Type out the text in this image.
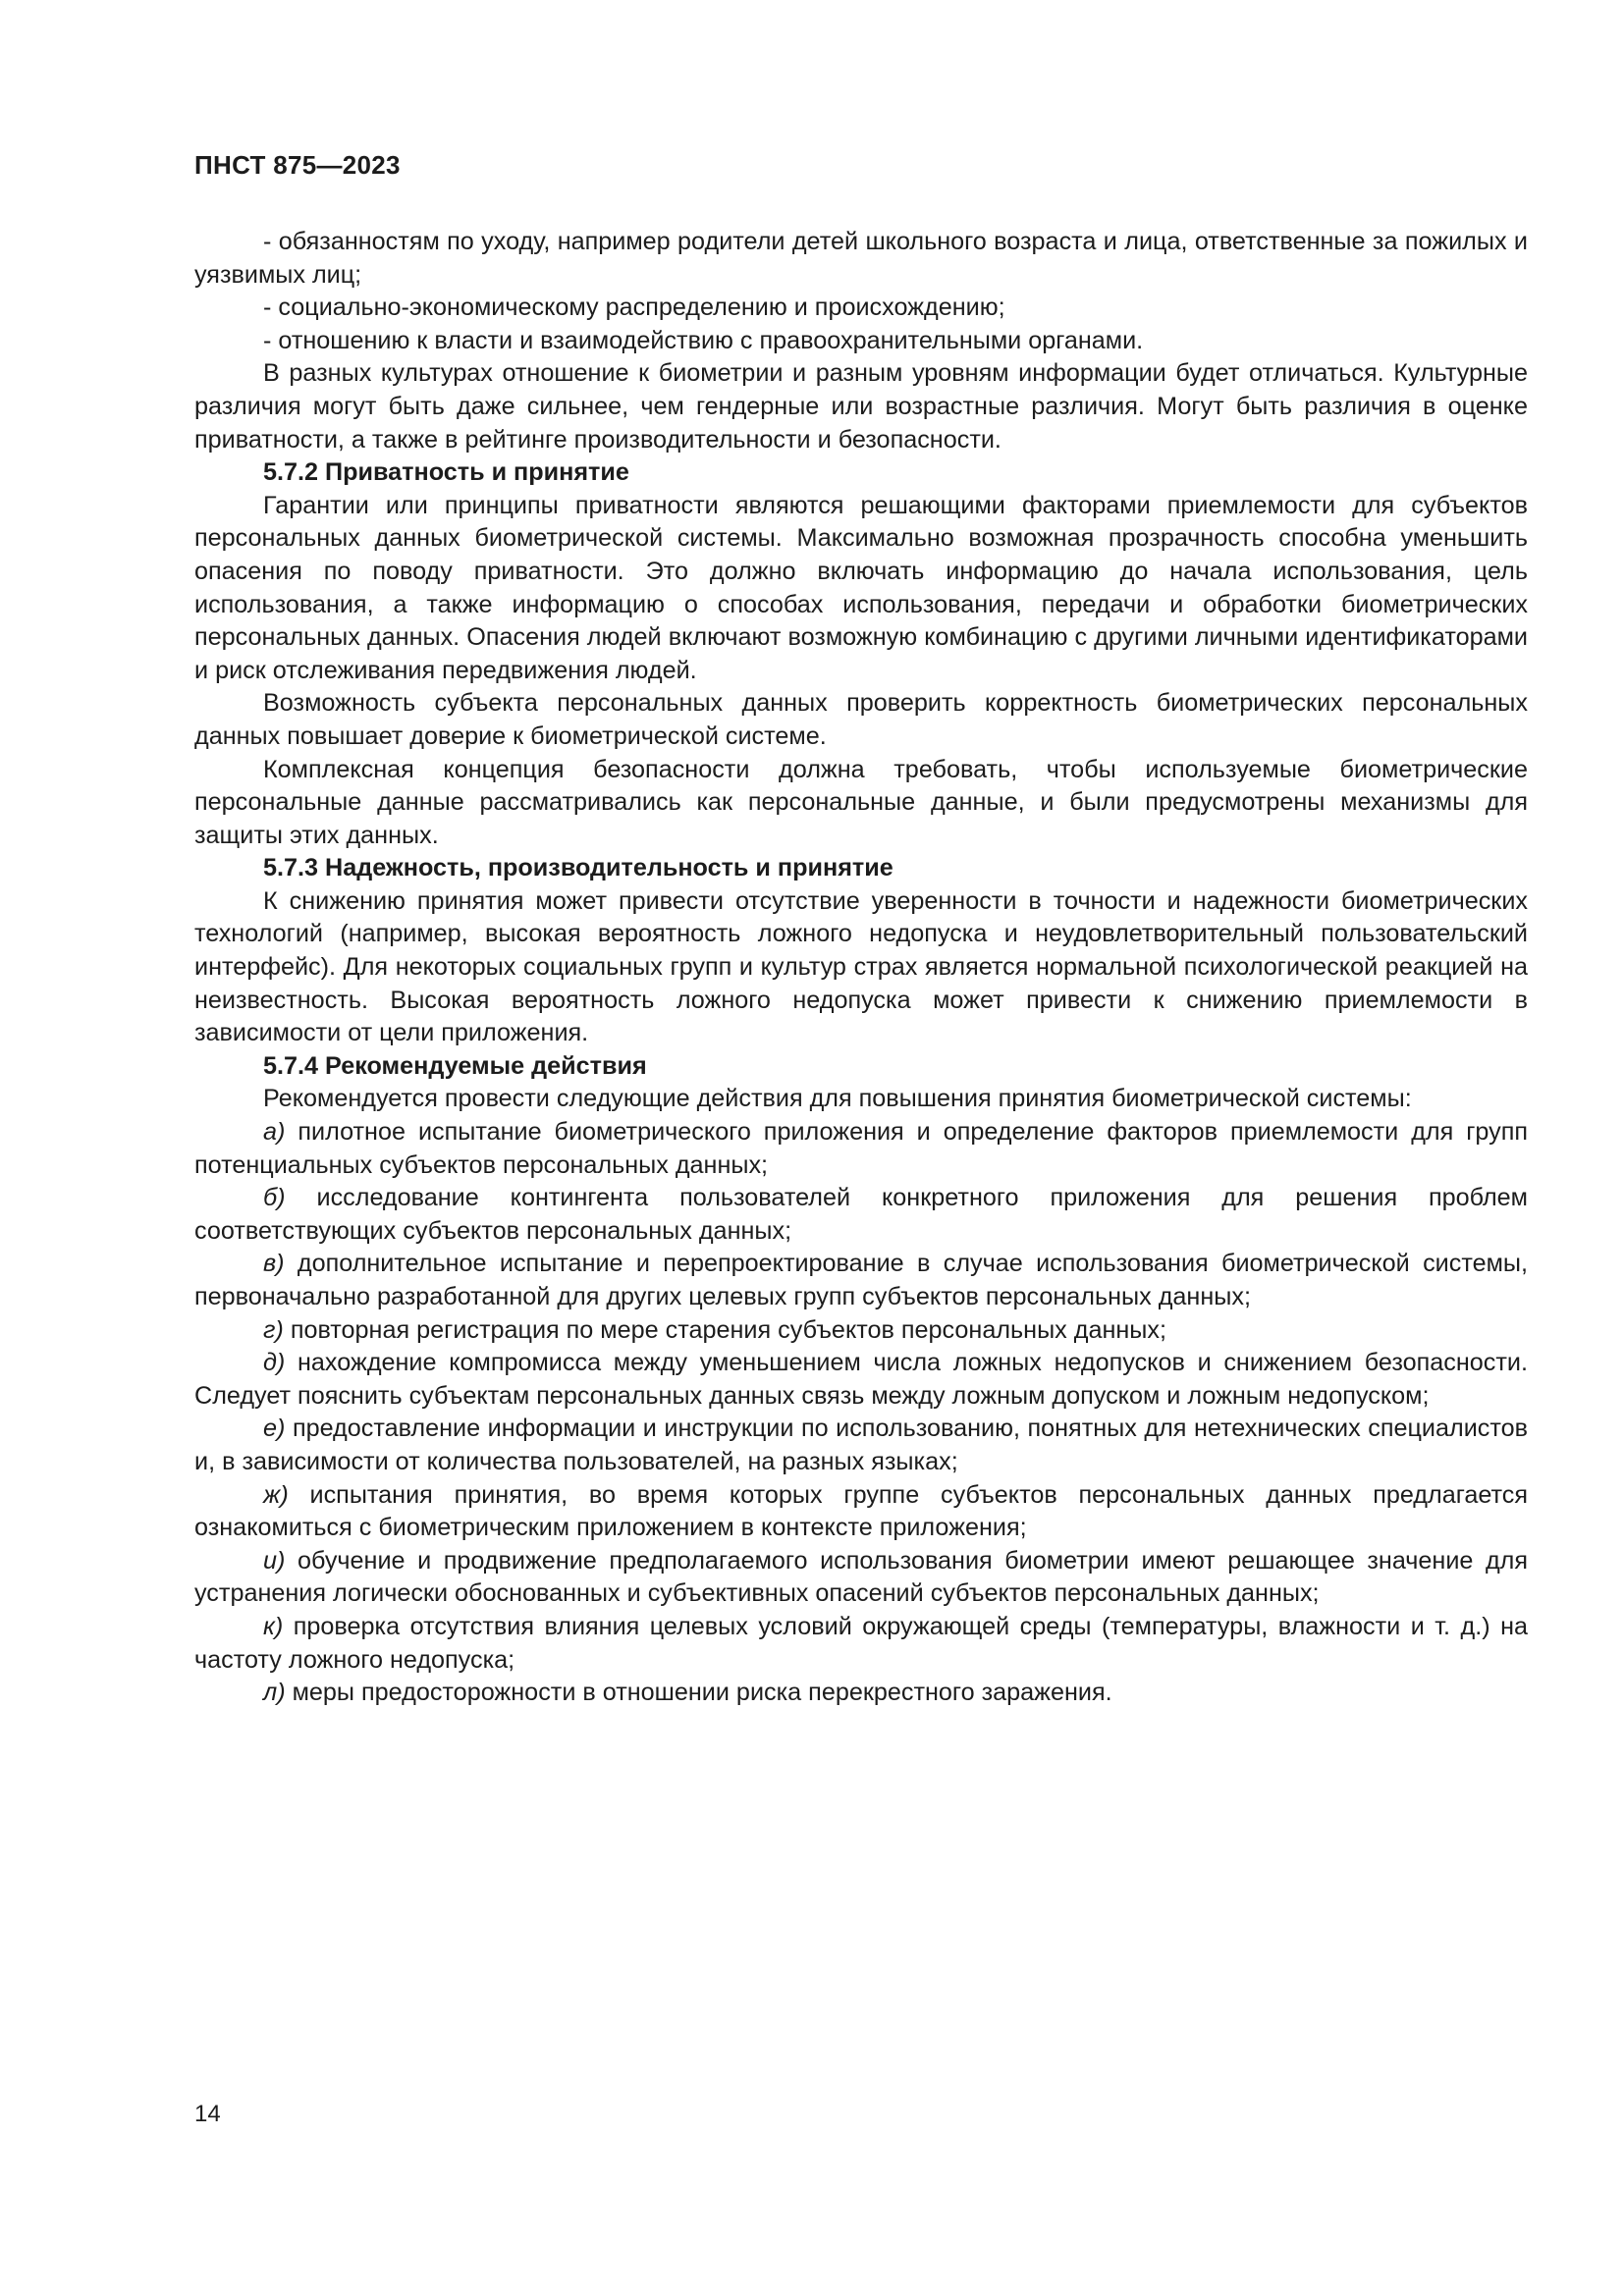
ПНСТ 875—2023

- обязанностям по уходу, например родители детей школьного возраста и лица, ответственные за пожилых и уязвимых лиц;

- социально-экономическому распределению и происхождению;

- отношению к власти и взаимодействию с правоохранительными органами.

В разных культурах отношение к биометрии и разным уровням информации будет отличаться. Культурные различия могут быть даже сильнее, чем гендерные или возрастные различия. Могут быть различия в оценке приватности, а также в рейтинге производительности и безопасности.

5.7.2 Приватность и принятие

Гарантии или принципы приватности являются решающими факторами приемлемости для субъектов персональных данных биометрической системы. Максимально возможная прозрачность способна уменьшить опасения по поводу приватности. Это должно включать информацию до начала использования, цель использования, а также информацию о способах использования, передачи и обработки биометрических персональных данных. Опасения людей включают возможную комбинацию с другими личными идентификаторами и риск отслеживания передвижения людей.

Возможность субъекта персональных данных проверить корректность биометрических персональных данных повышает доверие к биометрической системе.

Комплексная концепция безопасности должна требовать, чтобы используемые биометрические персональные данные рассматривались как персональные данные, и были предусмотрены механизмы для защиты этих данных.

5.7.3 Надежность, производительность и принятие

К снижению принятия может привести отсутствие уверенности в точности и надежности биометрических технологий (например, высокая вероятность ложного недопуска и неудовлетворительный пользовательский интерфейс). Для некоторых социальных групп и культур страх является нормальной психологической реакцией на неизвестность. Высокая вероятность ложного недопуска может привести к снижению приемлемости в зависимости от цели приложения.

5.7.4 Рекомендуемые действия

Рекомендуется провести следующие действия для повышения принятия биометрической системы:

а) пилотное испытание биометрического приложения и определение факторов приемлемости для групп потенциальных субъектов персональных данных;

б) исследование контингента пользователей конкретного приложения для решения проблем соответствующих субъектов персональных данных;

в) дополнительное испытание и перепроектирование в случае использования биометрической системы, первоначально разработанной для других целевых групп субъектов персональных данных;

г) повторная регистрация по мере старения субъектов персональных данных;

д) нахождение компромисса между уменьшением числа ложных недопусков и снижением безопасности. Следует пояснить субъектам персональных данных связь между ложным допуском и ложным недопуском;

е) предоставление информации и инструкции по использованию, понятных для нетехнических специалистов и, в зависимости от количества пользователей, на разных языках;

ж) испытания принятия, во время которых группе субъектов персональных данных предлагается ознакомиться с биометрическим приложением в контексте приложения;

и) обучение и продвижение предполагаемого использования биометрии имеют решающее значение для устранения логически обоснованных и субъективных опасений субъектов персональных данных;

к) проверка отсутствия влияния целевых условий окружающей среды (температуры, влажности и т. д.) на частоту ложного недопуска;

л) меры предосторожности в отношении риска перекрестного заражения.

14
